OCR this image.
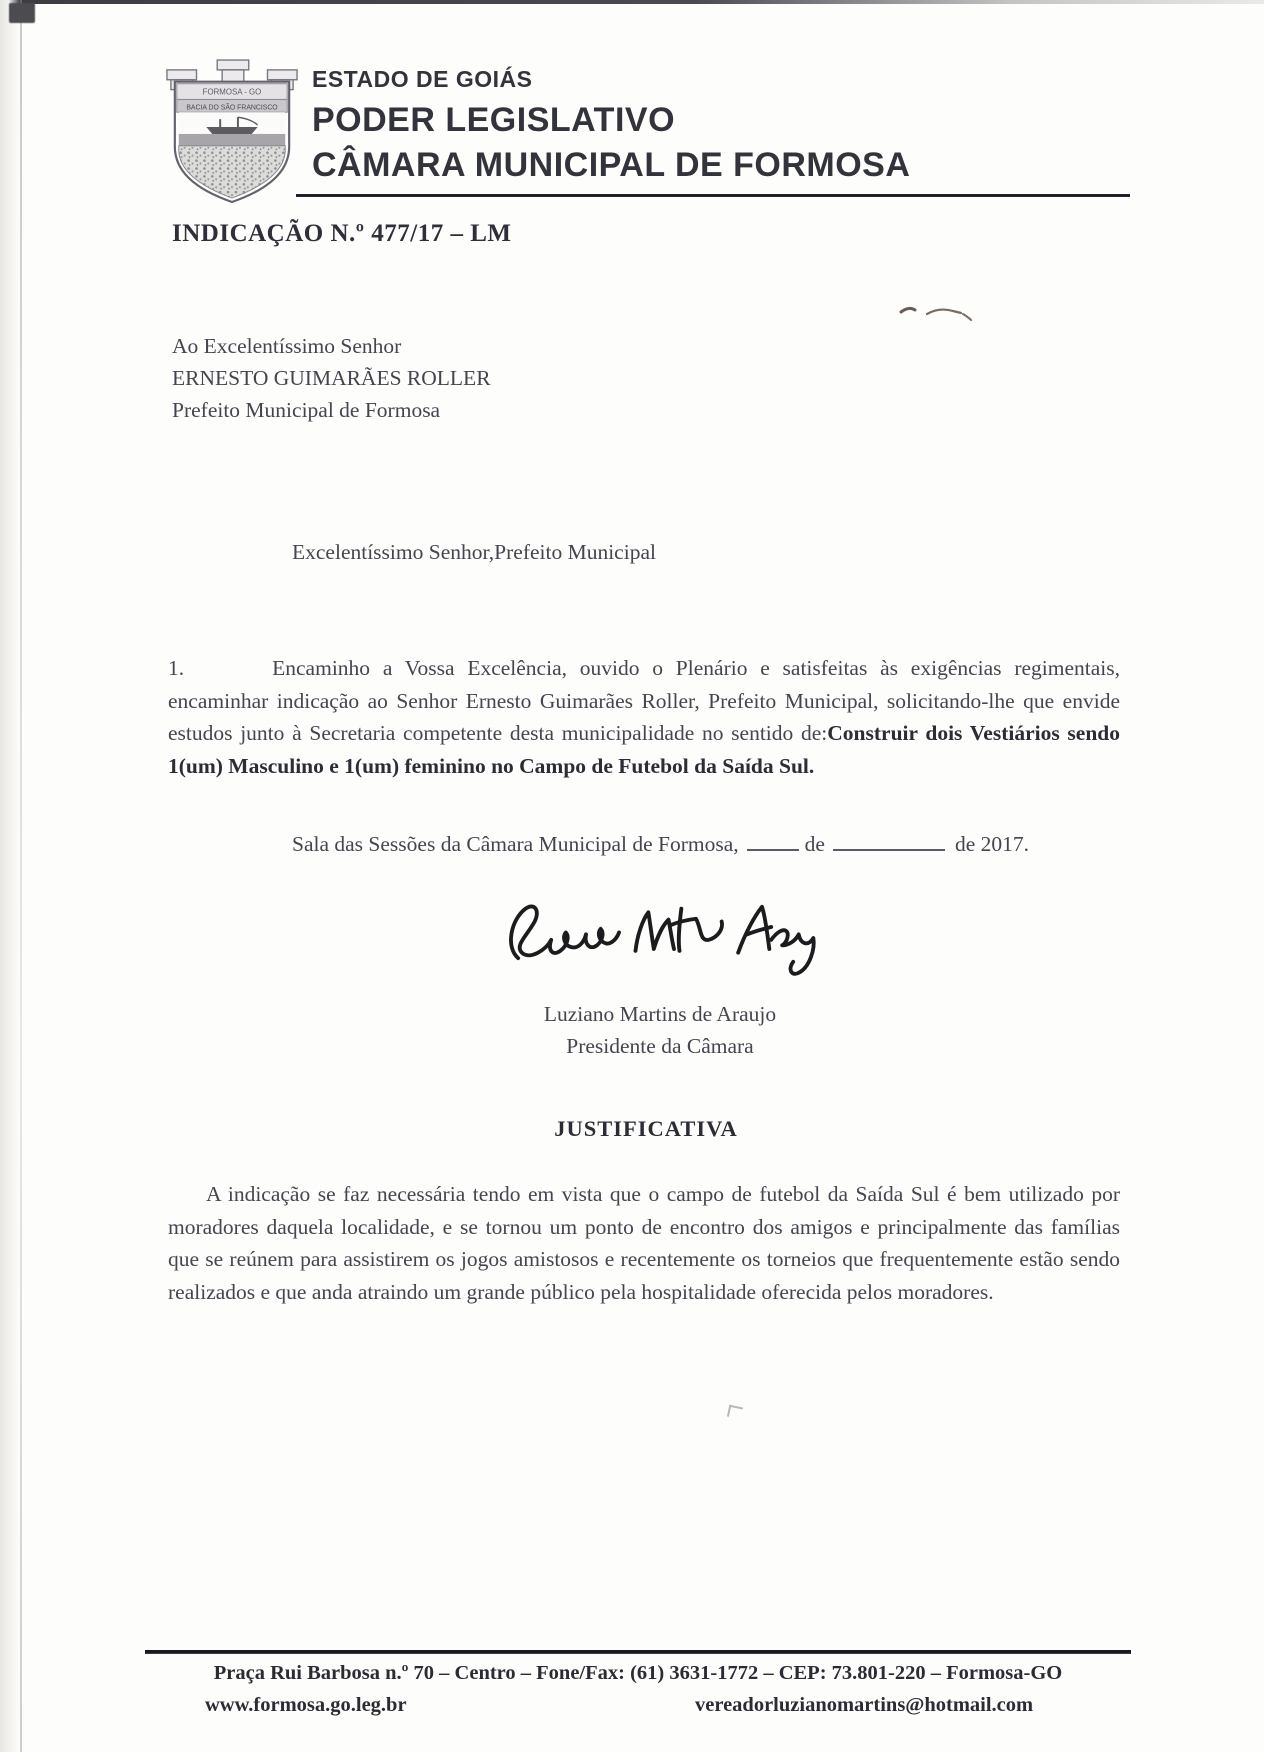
FORMOSA - GO
BACIA DO SÃO FRANCISCO
ESTADO DE GOIÁS
PODER LEGISLATIVO
CÂMARA MUNICIPAL DE FORMOSA
INDICAÇÃO N.º 477/17 – LM
Ao Excelentíssimo Senhor
ERNESTO GUIMARÃES ROLLER
Prefeito Municipal de Formosa
Excelentíssimo Senhor,Prefeito Municipal

1.	Encaminho a Vossa Excelência, ouvido o Plenário e satisfeitas às exigências regimentais, encaminhar indicação ao Senhor Ernesto Guimarães Roller, Prefeito Municipal, solicitando-lhe que envide estudos junto à Secretaria competente desta municipalidade no sentido de:Construir dois Vestiários sendo 1(um) Masculino e 1(um) feminino no Campo de Futebol da Saída Sul.

Sala das Sessões da Câmara Municipal de Formosa,	de	de 2017.
Luziano Martins de Araujo
Presidente da Câmara
JUSTIFICATIVA

A indicação se faz necessária tendo em vista que o campo de futebol da Saída Sul é bem utilizado por moradores daquela localidade, e se tornou um ponto de encontro dos amigos e principalmente das famílias que se reúnem para assistirem os jogos amistosos e recentemente os torneios que frequentemente estão sendo realizados e que anda atraindo um grande público pela hospitalidade oferecida pelos moradores.

Praça Rui Barbosa n.º 70 – Centro – Fone/Fax: (61) 3631-1772 – CEP: 73.801-220 – Formosa-GO
www.formosa.go.leg.br	vereadorluzianomartins@hotmail.com
